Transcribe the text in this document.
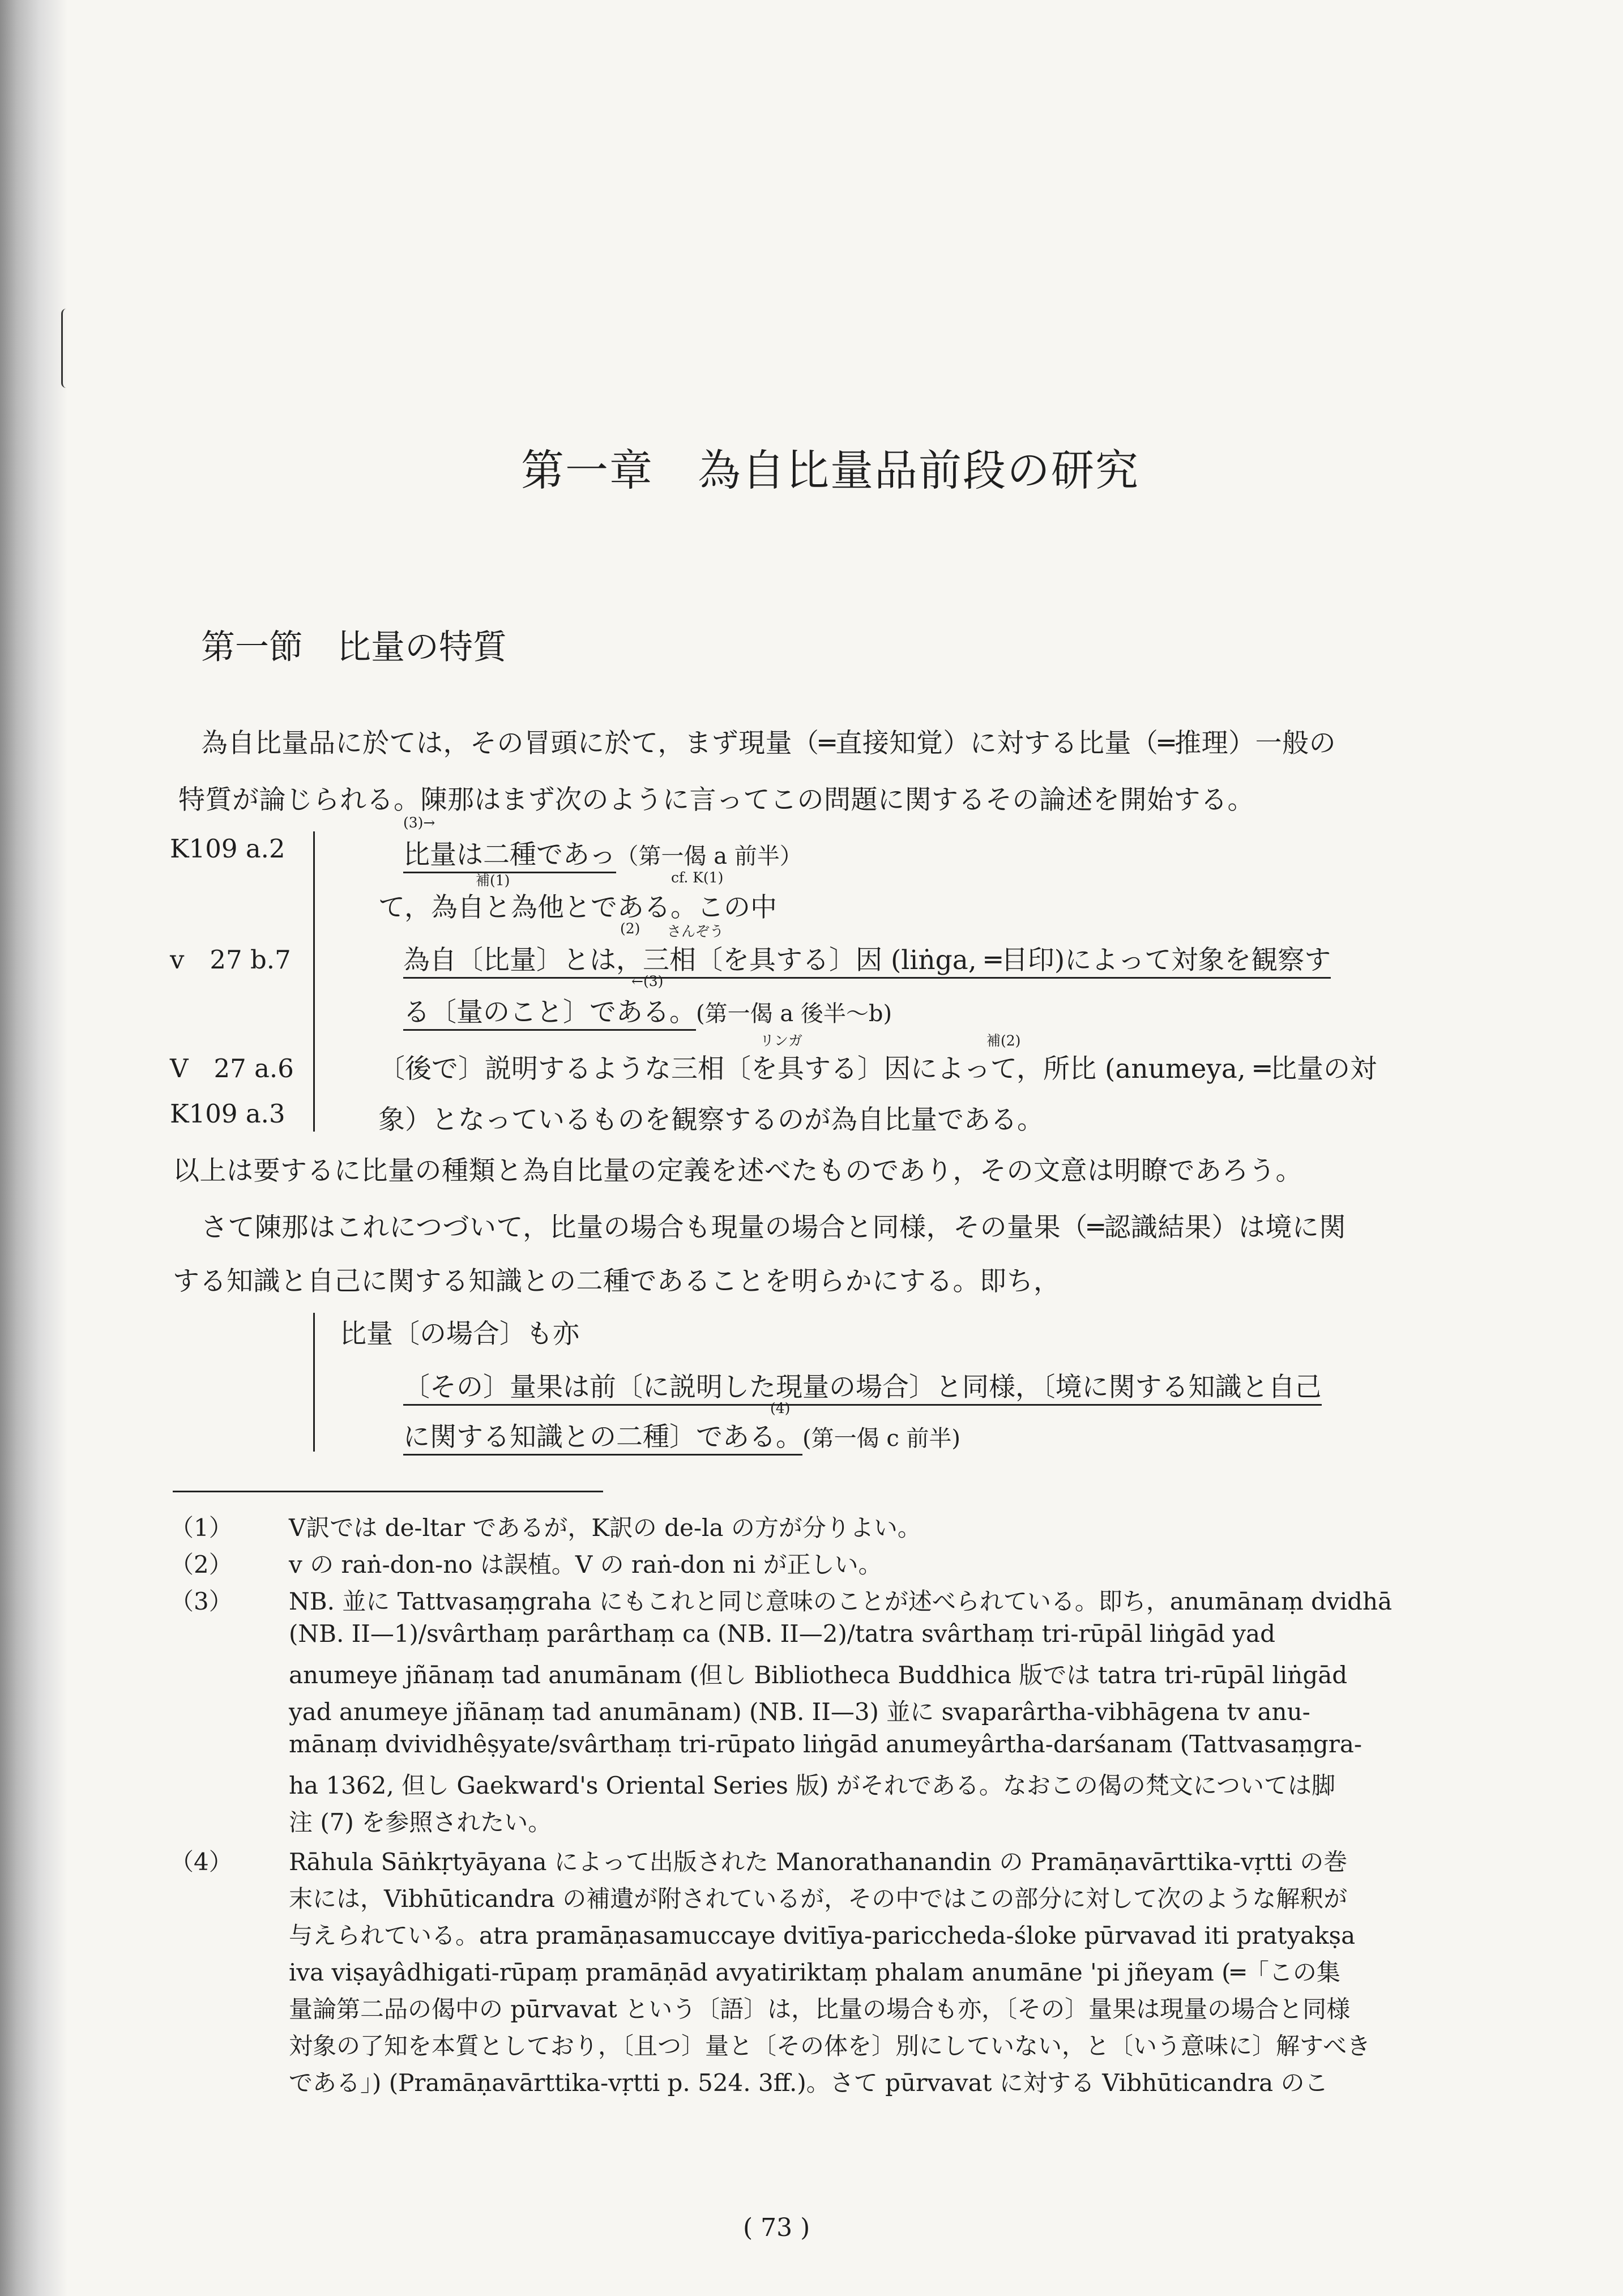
第一章　為自比量品前段の研究
第一節　比量の特質
為自比量品に於ては，その冒頭に於て，まず現量（═直接知覚）に対する比量（═推理）一般の
特質が論じられる。陳那はまず次のように言ってこの問題に関するその論述を開始する。
K109 a.2
v　27 b.7
V　27 a.6
K109 a.3
(3)→
比量は二種であっ（第一偈 a 前半）
補(1)	cf. K(1)
て，為自と為他とである。この中
(2) さんぞう
為自〔比量〕とは，三相〔を具する〕因 (liṅga, ═目印)によって対象を観察す
←(3)
る〔量のこと〕である。(第一偈 a 後半〜b)
リンガ	補(2)
〔後で〕説明するような三相〔を具する〕因によって，所比 (anumeya, ═比量の対
象）となっているものを観察するのが為自比量である。
以上は要するに比量の種類と為自比量の定義を述べたものであり，その文意は明瞭であろう。
さて陳那はこれにつづいて，比量の場合も現量の場合と同様，その量果（═認識結果）は境に関
する知識と自己に関する知識との二種であることを明らかにする。即ち，
比量〔の場合〕も亦
〔その〕量果は前〔に説明した現量の場合〕と同様，〔境に関する知識と自己
(4)
に関する知識との二種〕である。(第一偈 c 前半)
（1） V訳では de-ltar であるが，K訳の de-la の方が分りよい。
（2） v の raṅ-don-no は誤植。V の raṅ-don ni が正しい。
（3） NB. 並に Tattvasaṃgraha にもこれと同じ意味のことが述べられている。即ち，anumānaṃ dvidhā
(NB. II—1)/svârthaṃ parârthaṃ ca (NB. II—2)/tatra svârthaṃ tri-rūpāl liṅgād yad
anumeye jñānaṃ tad anumānam (但し Bibliotheca Buddhica 版では tatra tri-rūpāl liṅgād
yad anumeye jñānaṃ tad anumānam) (NB. II—3) 並に svaparârtha-vibhāgena tv anu-
mānaṃ dvividhêṣyate/svârthaṃ tri-rūpato liṅgād anumeyârtha-darśanam (Tattvasaṃgra-
ha 1362, 但し Gaekward's Oriental Series 版) がそれである。なおこの偈の梵文については脚
注 (7) を参照されたい。
（4） Rāhula Sāṅkṛtyāyana によって出版された Manorathanandin の Pramāṇavārttika-vṛtti の巻
末には，Vibhūticandra の補遺が附されているが，その中ではこの部分に対して次のような解釈が
与えられている。atra pramāṇasamuccaye dvitīya-pariccheda-śloke pūrvavad iti pratyakṣa
iva viṣayâdhigati-rūpaṃ pramāṇād avyatiriktaṃ phalam anumāne 'pi jñeyam (═「この集
量論第二品の偈中の pūrvavat という〔語〕は，比量の場合も亦，〔その〕量果は現量の場合と同様
対象の了知を本質としており，〔且つ〕量と〔その体を〕別にしていない，と〔いう意味に〕解すべき
である」) (Pramāṇavārttika-vṛtti p. 524. 3ff.)。さて pūrvavat に対する Vibhūticandra のこ
( 73 )
